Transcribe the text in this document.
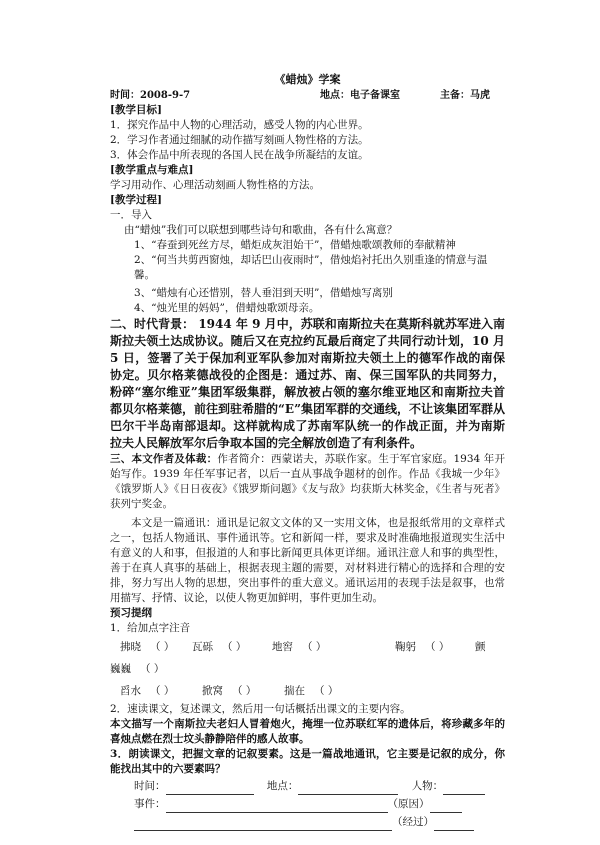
《蜡烛》学案
时间：2008-9-7	地点：电子备课室	主备：马虎
[教学目标]
1．探究作品中人物的心理活动，感受人物的内心世界。
2．学习作者通过细腻的动作描写刻画人物性格的方法。
3．体会作品中所表现的各国人民在战争所凝结的友谊。
[教学重点与难点]
学习用动作、心理活动刻画人物性格的方法。
[教学过程]
一．导入
由“蜡烛”我们可以联想到哪些诗句和歌曲，各有什么寓意？
1、“春蚕到死丝方尽，蜡炬成灰泪始干”，借蜡烛歌颂教师的奉献精神
2、“何当共剪西窗烛，却话巴山夜雨时”，借烛焰衬托出久别重逢的情意与温
馨。
3、“蜡烛有心还惜别，替人垂泪到天明”，借蜡烛写离别
4、“烛光里的妈妈”，借蜡烛歌颂母亲。
二、时代背景： 1944 年 9 月中，苏联和南斯拉夫在莫斯科就苏军进入南斯拉夫领土达成协议。随后又在克拉约瓦最后商定了共同行动计划，10 月 5 日，签署了关于保加利亚军队参加对南斯拉夫领土上的德军作战的南保协定。贝尔格莱德战役的企图是：通过苏、南、保三国军队的共同努力，粉碎“塞尔维亚”集团军级集群，解放被占领的塞尔维亚地区和南斯拉夫首都贝尔格莱德，前往到驻希腊的“E”集团军群的交通线，不让该集团军群从巴尔干半岛南部退却。这样就构成了苏南军队统一的作战正面，并为南斯拉夫人民解放军尔后争取本国的完全解放创造了有利条件。
三、本文作者及体裁：作者简介：西蒙诺夫，苏联作家。生于军官家庭。1934 年开始写作。1939 年任军事记者，以后一直从事战争题材的创作。作品《我城一少年》《饿罗斯人》《日日夜夜》《饿罗斯问题》《友与敌》均获斯大林奖金，《生者与死者》获列宁奖金。
本文是一篇通讯：通讯是记叙文文体的又一实用文体，也是报纸常用的文章样式之一，包括人物通讯、事件通讯等。它和新闻一样，要求及时准确地报道现实生活中有意义的人和事，但报道的人和事比新闻更具体更详细。通讯注意人和事的典型性，善于在真人真事的基础上，根据表现主题的需要，对材料进行精心的选择和合理的安排，努力写出人物的思想，突出事件的重大意义。通讯运用的表现手法是叙事，也常用描写、抒情、议论，以使人物更加鲜明，事件更加生动。
预习提纲
1．给加点字注音
拂晓 （ ）	瓦砾 （ ）	地窖 （ ）	鞠躬 （ ）	颤
巍巍 （ ）
舀水 （ ）	掀窝 （ ）	揣在 （ ）
2．速读课文，复述课文，然后用一句话概括出课文的主要内容。
本文描写一个南斯拉夫老妇人冒着炮火，掩埋一位苏联红军的遗体后，将珍藏多年的喜烛点燃在烈士坟头静静陪伴的感人故事。
3．朗读课文，把握文章的记叙要素。这是一篇战地通讯，它主要是记叙的成分，你能找出其中的六要素吗？
时间：	地点：	人物：
事件：	（原因）
（经过）
